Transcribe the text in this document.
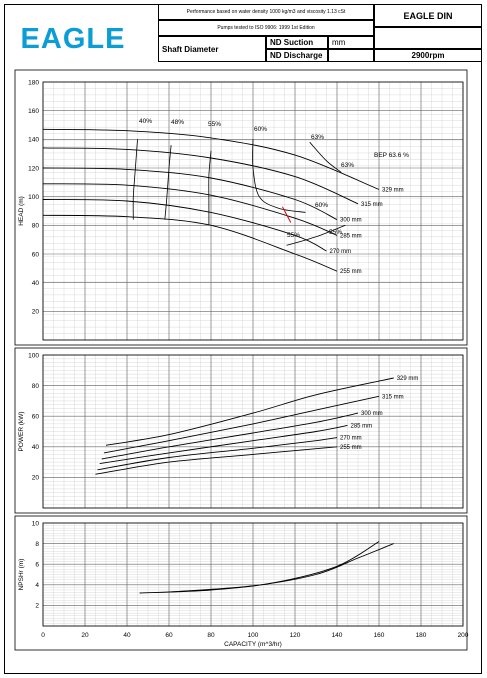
EAGLE
Performance based on water density 1000 kg/m3 and viscosity 1.13 cSt
Pumps tested to ISO 9906: 1999 1st Edition
Shaft Diameter
ND Suction	mm
ND Discharge
EAGLE DIN
2900rpm
20
40
60
80
100
120
140
160
180
HEAD (m)
0	20	40	60	80	100	120	140	160	180	200
329 mm
315 mm
300 mm
285 mm
270 mm
255 mm
40%	48%	55%
60%
63%
63%
60%
55%
55%
BEP 63.6 %
20
40
60
80
100
POWER (kW)
329 mm
315 mm
300 mm
285 mm
270 mm
255 mm
2
4
6
8
10
NPSHr (m)
CAPACITY (m^3/hr)
